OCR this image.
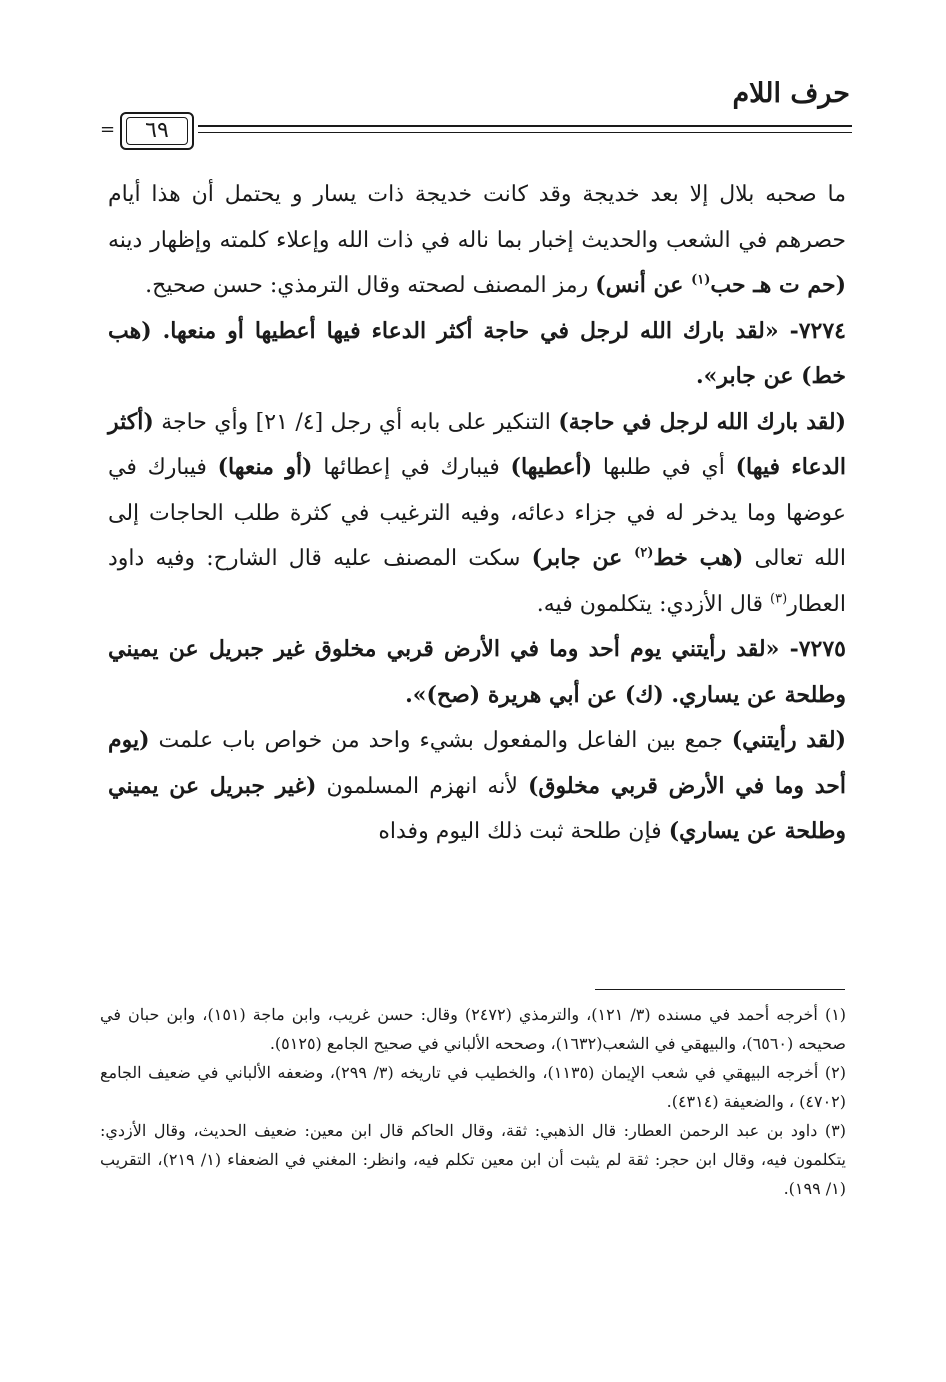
حرف اللام
=	٦٩

ما صحبه بلال إلا بعد خديجة وقد كانت خديجة ذات يسار و يحتمل أن هذا أيام حصرهم في الشعب والحديث إخبار بما ناله في ذات الله وإعلاء كلمته وإظهار دينه (حم ت هـ حب$^{(١)}$ عن أنس) رمز المصنف لصحته وقال الترمذي: حسن صحيح.

٧٢٧٤- «لقد بارك الله لرجل في حاجة أكثر الدعاء فيها أعطيها أو منعها. (هب خط) عن جابر».

(لقد بارك الله لرجل في حاجة) التنكير على بابه أي رجل [٤/ ٢١] وأي حاجة (أكثر الدعاء فيها) أي في طلبها (أعطيها) فيبارك في إعطائها (أو منعها) فيبارك في عوضها وما يدخر له في جزاء دعائه، وفيه الترغيب في كثرة طلب الحاجات إلى الله تعالى (هب خط$^{(٢)}$ عن جابر) سكت المصنف عليه قال الشارح: وفيه داود العطار$^{(٣)}$ قال الأزدي: يتكلمون فيه.

٧٢٧٥- «لقد رأيتني يوم أحد وما في الأرض قربي مخلوق غير جبريل عن يميني وطلحة عن يساري. (ك) عن أبي هريرة (صح)».

(لقد رأيتني) جمع بين الفاعل والمفعول بشيء واحد من خواص باب علمت (يوم أحد وما في الأرض قربي مخلوق) لأنه انهزم المسلمون (غير جبريل عن يميني وطلحة عن يساري) فإن طلحة ثبت ذلك اليوم وفداه

(١) أخرجه أحمد في مسنده (٣/ ١٢١)، والترمذي (٢٤٧٢) وقال: حسن غريب، وابن ماجة (١٥١)، وابن حبان في صحيحه (٦٥٦٠)، والبيهقي في الشعب(١٦٣٢)، وصححه الألباني في صحيح الجامع (٥١٢٥).

(٢) أخرجه البيهقي في شعب الإيمان (١١٣٥)، والخطيب في تاريخه (٣/ ٢٩٩)، وضعفه الألباني في ضعيف الجامع (٤٧٠٢) ، والضعيفة (٤٣١٤).

(٣) داود بن عبد الرحمن العطار: قال الذهبي: ثقة، وقال الحاكم قال ابن معين: ضعيف الحديث، وقال الأزدي: يتكلمون فيه، وقال ابن حجر: ثقة لم يثبت أن ابن معين تكلم فيه، وانظر: المغني في الضعفاء (١/ ٢١٩)، التقريب (١/ ١٩٩).
